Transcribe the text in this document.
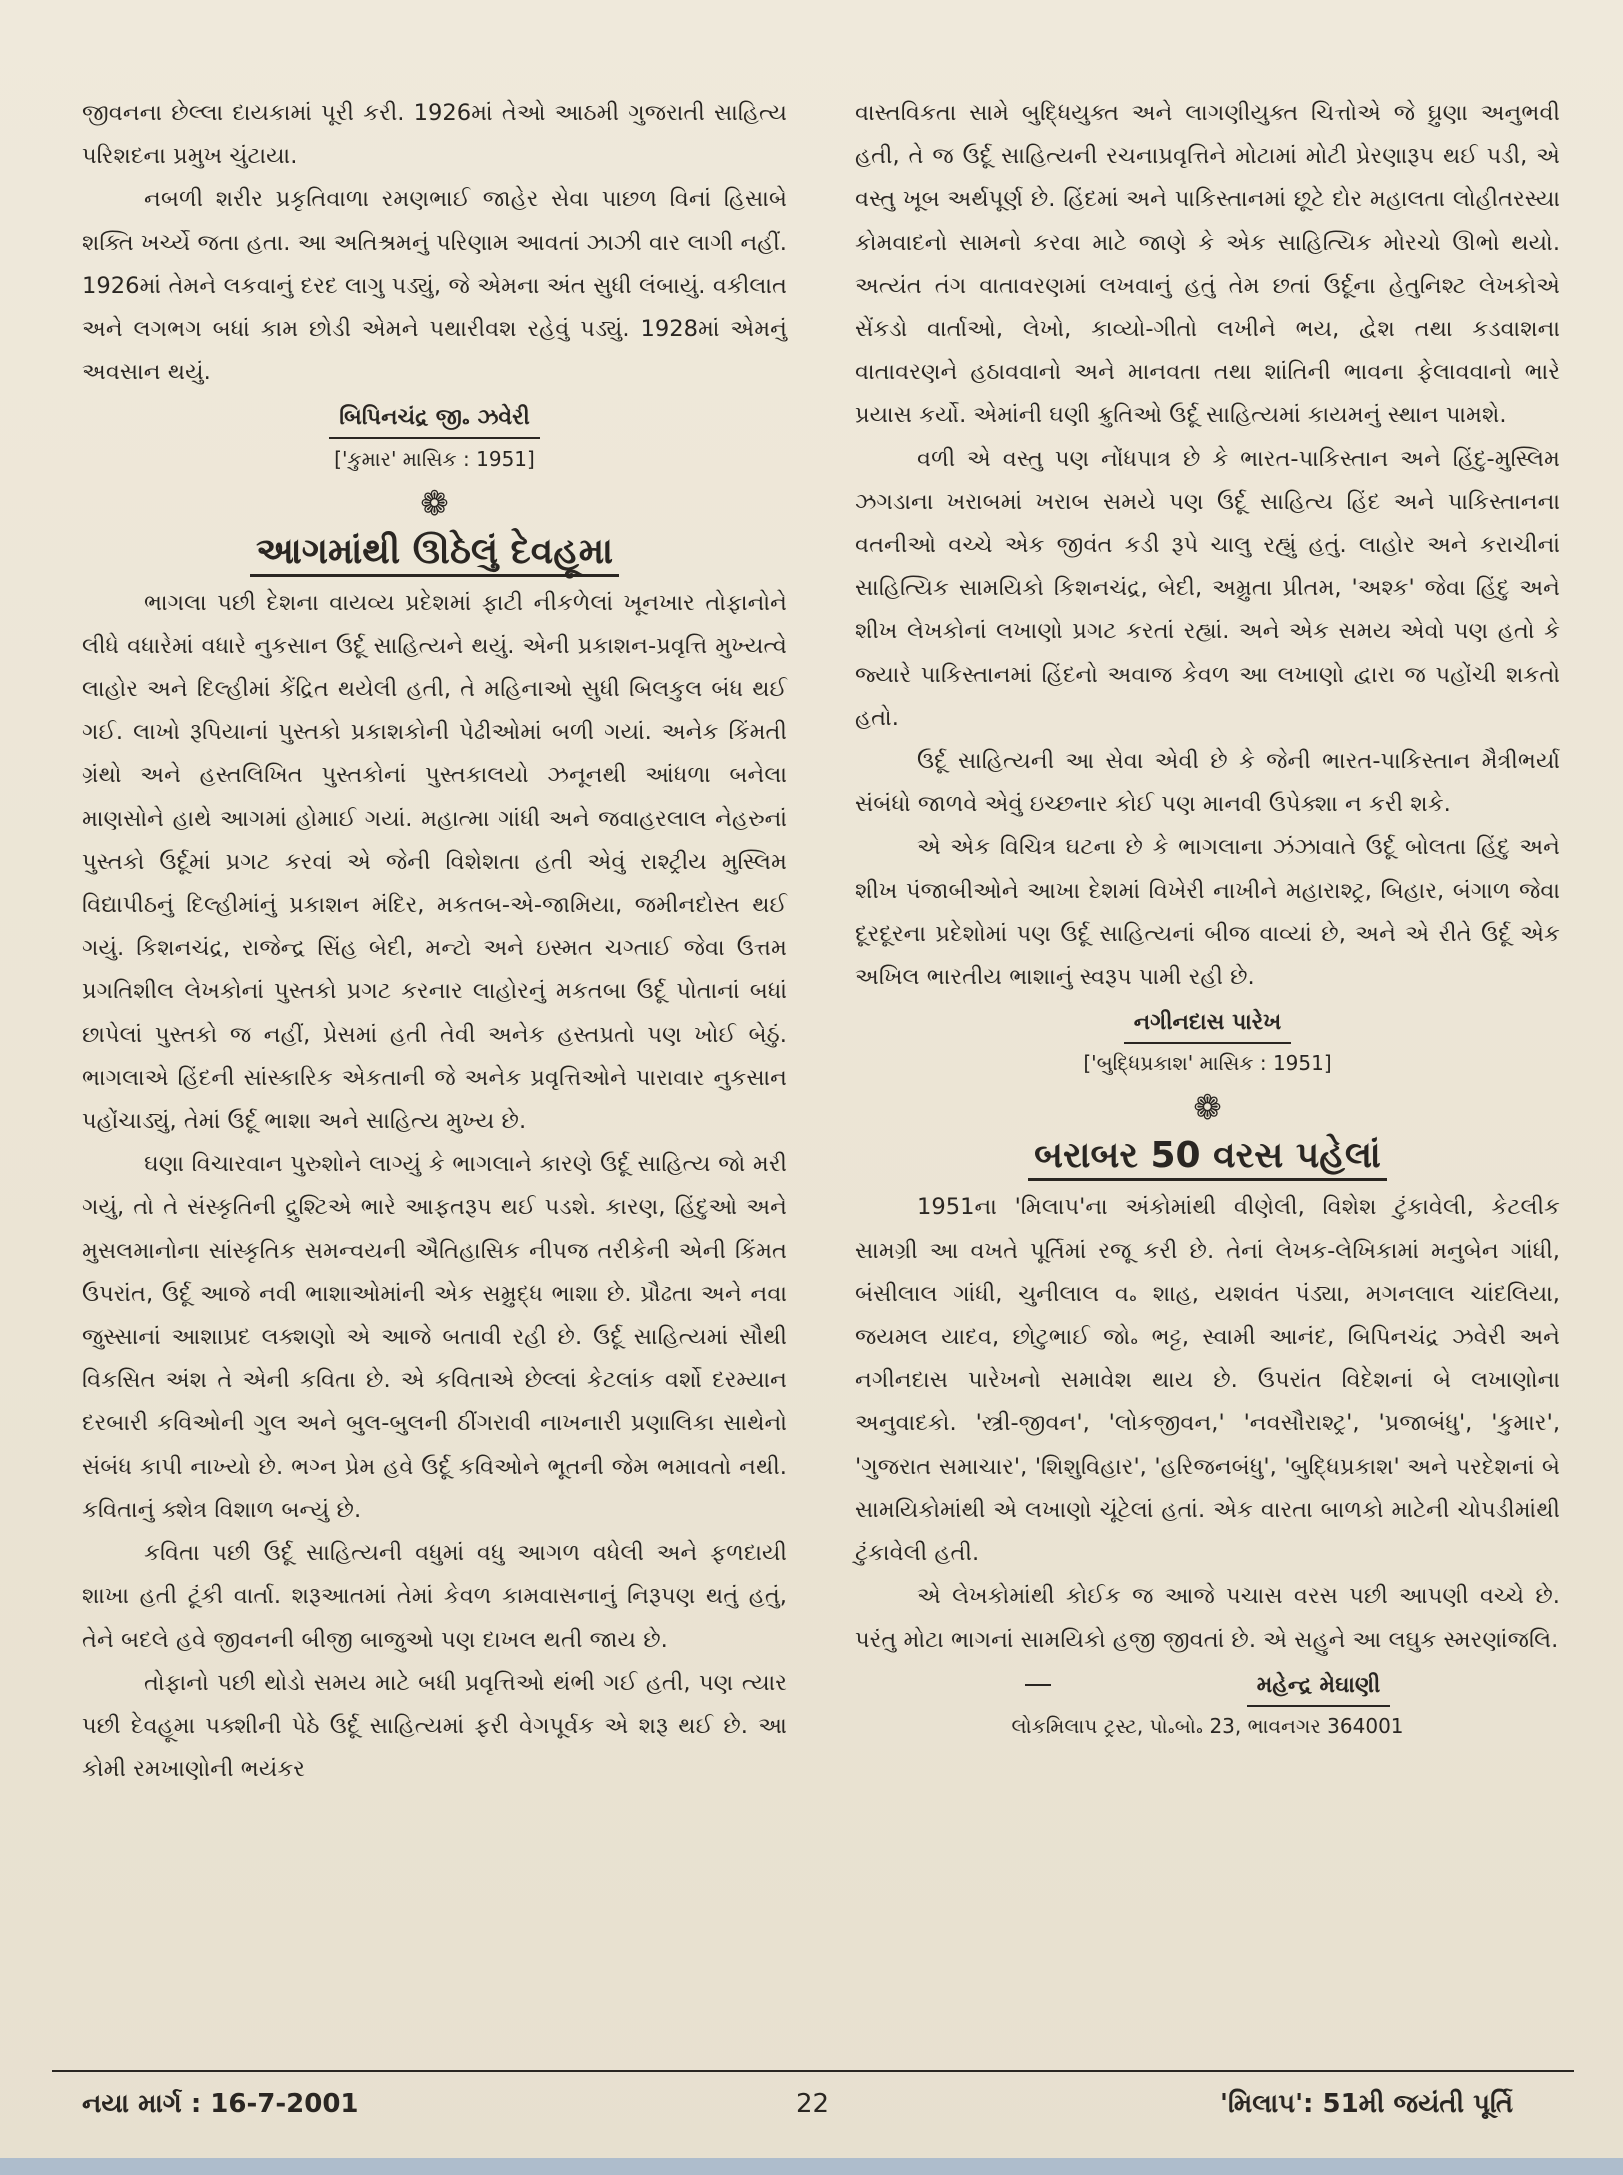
જીવનના છેલ્લા દાયકામાં પૂરી કરી. 1926માં તેઓ આઠમી ગુજરાતી સાહિત્ય પરિશદના પ્રમુખ ચુંટાયા.

નબળી શરીર પ્રકૃતિવાળા રમણભાઈ જાહેર સેવા પાછળ વિનાં હિસાબે શક્તિ ખર્ચ્યે જતા હતા. આ અતિશ્રમનું પરિણામ આવતાં ઝાઝી વાર લાગી નહીં. 1926માં તેમને લકવાનું દરદ લાગુ પડ્યું, જે એમના અંત સુધી લંબાયું. વકીલાત અને લગભગ બધાં કામ છોડી એમને પથારીવશ રહેવું પડ્યું. 1928માં એમનું અવસાન થયું.

બિપિનચંદ્ર જી૰ ઝવેરી
['કુમાર' માસિક : 1951]
❁
આગમાંથી ઊઠેલું દેવહૂમા

ભાગલા પછી દેશના વાયવ્ય પ્રદેશમાં ફાટી નીકળેલાં ખૂનખાર તોફાનોને લીધે વધારેમાં વધારે નુકસાન ઉર્દૂ સાહિત્યને થયું. એની પ્રકાશન-પ્રવૃત્તિ મુખ્યત્વે લાહોર અને દિલ્હીમાં કેંદ્રિત થયેલી હતી, તે મહિનાઓ સુધી બિલકુલ બંધ થઈ ગઈ. લાખો રૂપિયાનાં પુસ્તકો પ્રકાશકોની પેઢીઓમાં બળી ગયાં. અનેક કિંમતી ગ્રંથો અને હસ્તલિખિત પુસ્તકોનાં પુસ્તકાલયો ઝનૂનથી આંધળા બનેલા માણસોને હાથે આગમાં હોમાઈ ગયાં. મહાત્મા ગાંધી અને જવાહરલાલ નેહરુનાં પુસ્તકો ઉર્દૂમાં પ્રગટ કરવાં એ જેની વિશેશતા હતી એવું રાશ્ટ્રીય મુસ્લિમ વિદ્યાપીઠનું દિલ્હીમાંનું પ્રકાશન મંદિર, મકતબ-એ-જામિયા, જમીનદોસ્ત થઈ ગયું. કિશનચંદ્ર, રાજેન્દ્ર સિંહ બેદી, મન્ટો અને ઇસ્મત ચગ્તાઈ જેવા ઉત્તમ પ્રગતિશીલ લેખકોનાં પુસ્તકો પ્રગટ કરનાર લાહોરનું મકતબા ઉર્દૂ પોતાનાં બધાં છાપેલાં પુસ્તકો જ નહીં, પ્રેસમાં હતી તેવી અનેક હસ્તપ્રતો પણ ખોઈ બેઠું. ભાગલાએ હિંદની સાંસ્કારિક એકતાની જે અનેક પ્રવૃત્તિઓને પારાવાર નુકસાન પહોંચાડ્યું, તેમાં ઉર્દૂ ભાશા અને સાહિત્ય મુખ્ય છે.

ઘણા વિચારવાન પુરુશોને લાગ્યું કે ભાગલાને કારણે ઉર્દૂ સાહિત્ય જો મરી ગયું, તો તે સંસ્કૃતિની દ્રુશ્ટિએ ભારે આફતરૂપ થઈ પડશે. કારણ, હિંદુઓ અને મુસલમાનોના સાંસ્કૃતિક સમન્વયની ઐતિહાસિક નીપજ તરીકેની એની કિંમત ઉપરાંત, ઉર્દૂ આજે નવી ભાશાઓમાંની એક સમ્રુદ્ધ ભાશા છે. પ્રૌઢતા અને નવા જુસ્સાનાં આશાપ્રદ લક્શણો એ આજે બતાવી રહી છે. ઉર્દૂ સાહિત્યમાં સૌથી વિકસિત અંશ તે એની કવિતા છે. એ કવિતાએ છેલ્લાં કેટલાંક વર્શો દરમ્યાન દરબારી કવિઓની ગુલ અને બુલ-બુલની ઠીંગરાવી નાખનારી પ્રણાલિકા સાથેનો સંબંધ કાપી નાખ્યો છે. ભગ્ન પ્રેમ હવે ઉર્દૂ કવિઓને ભૂતની જેમ ભમાવતો નથી. કવિતાનું ક્શેત્ર વિશાળ બન્યું છે.

કવિતા પછી ઉર્દૂ સાહિત્યની વધુમાં વધુ આગળ વધેલી અને ફળદાયી શાખા હતી ટૂંકી વાર્તા. શરૂઆતમાં તેમાં કેવળ કામવાસનાનું નિરૂપણ થતું હતું, તેને બદલે હવે જીવનની બીજી બાજુઓ પણ દાખલ થતી જાય છે.

તોફાનો પછી થોડો સમય માટે બધી પ્રવૃત્તિઓ થંભી ગઈ હતી, પણ ત્યાર પછી દેવહૂમા પક્શીની પેઠે ઉર્દૂ સાહિત્યમાં ફરી વેગપૂર્વક એ શરૂ થઈ છે. આ કોમી રમખાણોની ભયંકર

વાસ્તવિકતા સામે બુદ્ધિયુક્ત અને લાગણીયુક્ત ચિત્તોએ જે ઘ્રુણા અનુભવી હતી, તે જ ઉર્દૂ સાહિત્યની રચનાપ્રવૃત્તિને મોટામાં મોટી પ્રેરણારૂપ થઈ પડી, એ વસ્તુ ખૂબ અર્થપૂર્ણ છે. હિંદમાં અને પાકિસ્તાનમાં છૂટે દોર મહાલતા લોહીતરસ્યા કોમવાદનો સામનો કરવા માટે જાણે કે એક સાહિત્યિક મોરચો ઊભો થયો. અત્યંત તંગ વાતાવરણમાં લખવાનું હતું તેમ છતાં ઉર્દૂના હેતુનિશ્ટ લેખકોએ સેંકડો વાર્તાઓ, લેખો, કાવ્યો-ગીતો લખીને ભય, દ્વેશ તથા કડવાશના વાતાવરણને હઠાવવાનો અને માનવતા તથા શાંતિની ભાવના ફેલાવવાનો ભારે પ્રયાસ કર્યો. એમાંની ઘણી ક્રુતિઓ ઉર્દૂ સાહિત્યમાં કાયમનું સ્થાન પામશે.

વળી એ વસ્તુ પણ નોંધપાત્ર છે કે ભારત-પાકિસ્તાન અને હિંદુ-મુસ્લિમ ઝગડાના ખરાબમાં ખરાબ સમયે પણ ઉર્દૂ સાહિત્ય હિંદ અને પાકિસ્તાનના વતનીઓ વચ્ચે એક જીવંત કડી રૂપે ચાલુ રહ્યું હતું. લાહોર અને કરાચીનાં સાહિત્યિક સામયિકો કિશનચંદ્ર, બેદી, અમ્રુતા પ્રીતમ, 'અશ્ક' જેવા હિંદુ અને શીખ લેખકોનાં લખાણો પ્રગટ કરતાં રહ્યાં. અને એક સમય એવો પણ હતો કે જ્યારે પાકિસ્તાનમાં હિંદનો અવાજ કેવળ આ લખાણો દ્વારા જ પહોંચી શકતો હતો.

ઉર્દૂ સાહિત્યની આ સેવા એવી છે કે જેની ભારત-પાકિસ્તાન મૈત્રીભર્યા સંબંધો જાળવે એવું ઇચ્છનાર કોઈ પણ માનવી ઉપેક્શા ન કરી શકે.

એ એક વિચિત્ર ઘટના છે કે ભાગલાના ઝંઝાવાતે ઉર્દૂ બોલતા હિંદુ અને શીખ પંજાબીઓને આખા દેશમાં વિખેરી નાખીને મહારાશ્ટ્ર, બિહાર, બંગાળ જેવા દૂરદૂરના પ્રદેશોમાં પણ ઉર્દૂ સાહિત્યનાં બીજ વાવ્યાં છે, અને એ રીતે ઉર્દૂ એક અખિલ ભારતીય ભાશાનું સ્વરૂપ પામી રહી છે.

નગીનદાસ પારેખ
['બુદ્ધિપ્રકાશ' માસિક : 1951]
❁
બરાબર 50 વરસ પહેલાં

1951ના 'મિલાપ'ના અંકોમાંથી વીણેલી, વિશેશ ટુંકાવેલી, કેટલીક સામગ્રી આ વખતે પૂર્તિમાં રજૂ કરી છે. તેનાં લેખક-લેખિકામાં મનુબેન ગાંધી, બંસીલાલ ગાંધી, ચુનીલાલ વ૰ શાહ, યશવંત પંડ્યા, મગનલાલ ચાંદલિયા, જયમલ યાદવ, છોટુભાઈ જો૰ ભટ્ટ, સ્વામી આનંદ, બિપિનચંદ્ર ઝવેરી અને નગીનદાસ પારેખનો સમાવેશ થાય છે. ઉપરાંત વિદેશનાં બે લખાણોના અનુવાદકો. 'સ્ત્રી-જીવન', 'લોકજીવન,' 'નવસૌરાશ્ટ્ર', 'પ્રજાબંધુ', 'કુમાર', 'ગુજરાત સમાચાર', 'શિશુવિહાર', 'હરિજનબંધુ', 'બુદ્ધિપ્રકાશ' અને પરદેશનાં બે સામયિકોમાંથી એ લખાણો ચૂંટેલાં હતાં. એક વારતા બાળકો માટેની ચોપડીમાંથી ટુંકાવેલી હતી.

એ લેખકોમાંથી કોઈક જ આજે પચાસ વરસ પછી આપણી વચ્ચે છે. પરંતુ મોટા ભાગનાં સામયિકો હજી જીવતાં છે. એ સહુને આ લઘુક સ્મરણાંજલિ.

મહેન્દ્ર મેઘાણી
લોકમિલાપ ટ્રસ્ટ, પો૰બો૰ 23, ભાવનગર 364001
નયા માર્ગ : 16-7-2001	22	'મિલાપ': 51મી જયંતી પૂર્તિ
